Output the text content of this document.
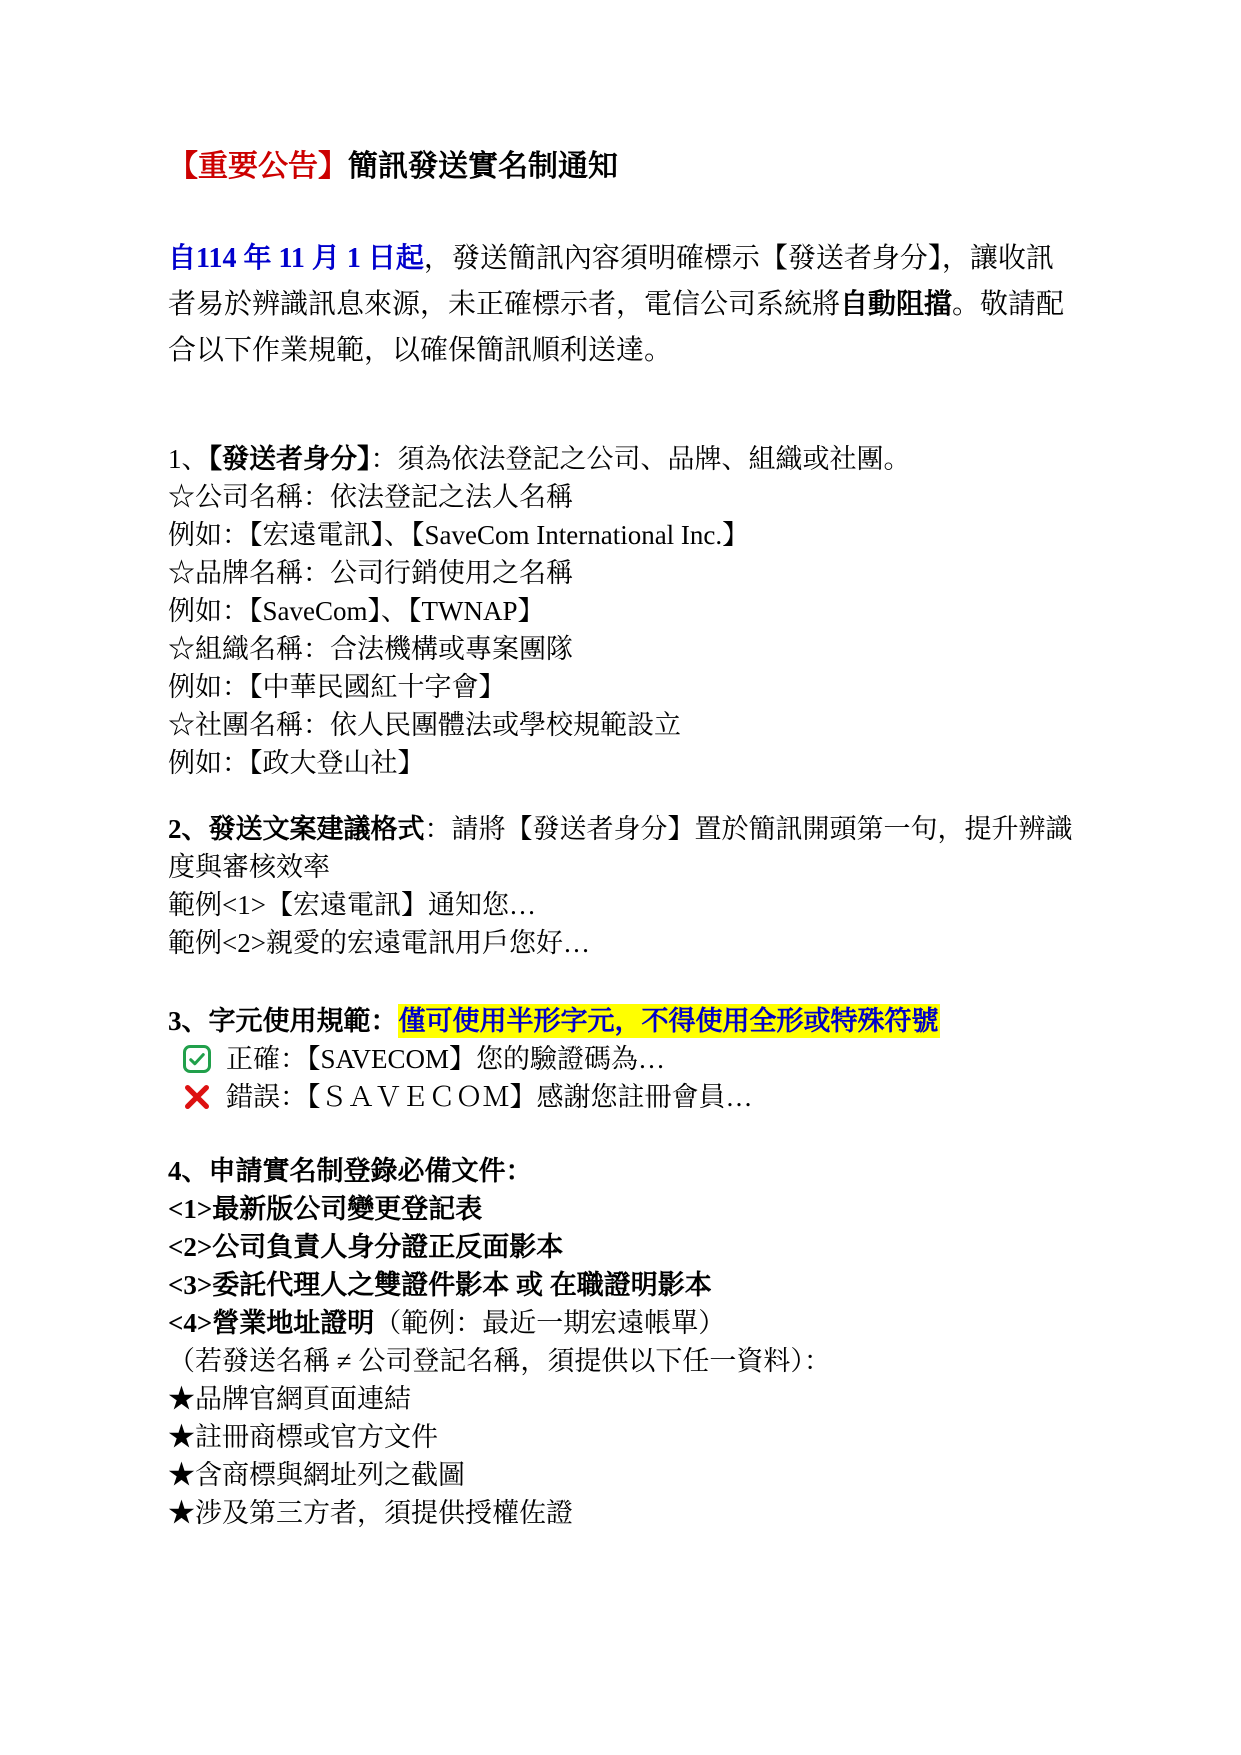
【重要公告】簡訊發送實名制通知

自114 年 11 月 1 日起，發送簡訊內容須明確標示【發送者身分】，讓收訊者易於辨識訊息來源，未正確標示者，電信公司系統將自動阻擋。敬請配合以下作業規範，以確保簡訊順利送達。

1、【發送者身分】：須為依法登記之公司、品牌、組織或社團。
☆公司名稱：依法登記之法人名稱
例如：【宏遠電訊】、【SaveCom International Inc.】
☆品牌名稱：公司行銷使用之名稱
例如：【SaveCom】、【TWNAP】
☆組織名稱：合法機構或專案團隊
例如：【中華民國紅十字會】
☆社團名稱：依人民團體法或學校規範設立
例如：【政大登山社】
2、發送文案建議格式：請將【發送者身分】置於簡訊開頭第一句，提升辨識度與審核效率
範例<1>【宏遠電訊】通知您…
範例<2>親愛的宏遠電訊用戶您好…
3、字元使用規範：僅可使用半形字元，不得使用全形或特殊符號
正確：【SAVECOM】您的驗證碼為…
錯誤：【ＳＡＶＥＣＯＭ】感謝您註冊會員…
4、申請實名制登錄必備文件：
<1>最新版公司變更登記表
<2>公司負責人身分證正反面影本
<3>委託代理人之雙證件影本 或 在職證明影本
<4>營業地址證明（範例：最近一期宏遠帳單）
（若發送名稱 ≠ 公司登記名稱，須提供以下任一資料）：
★品牌官網頁面連結
★註冊商標或官方文件
★含商標與網址列之截圖
★涉及第三方者，須提供授權佐證
